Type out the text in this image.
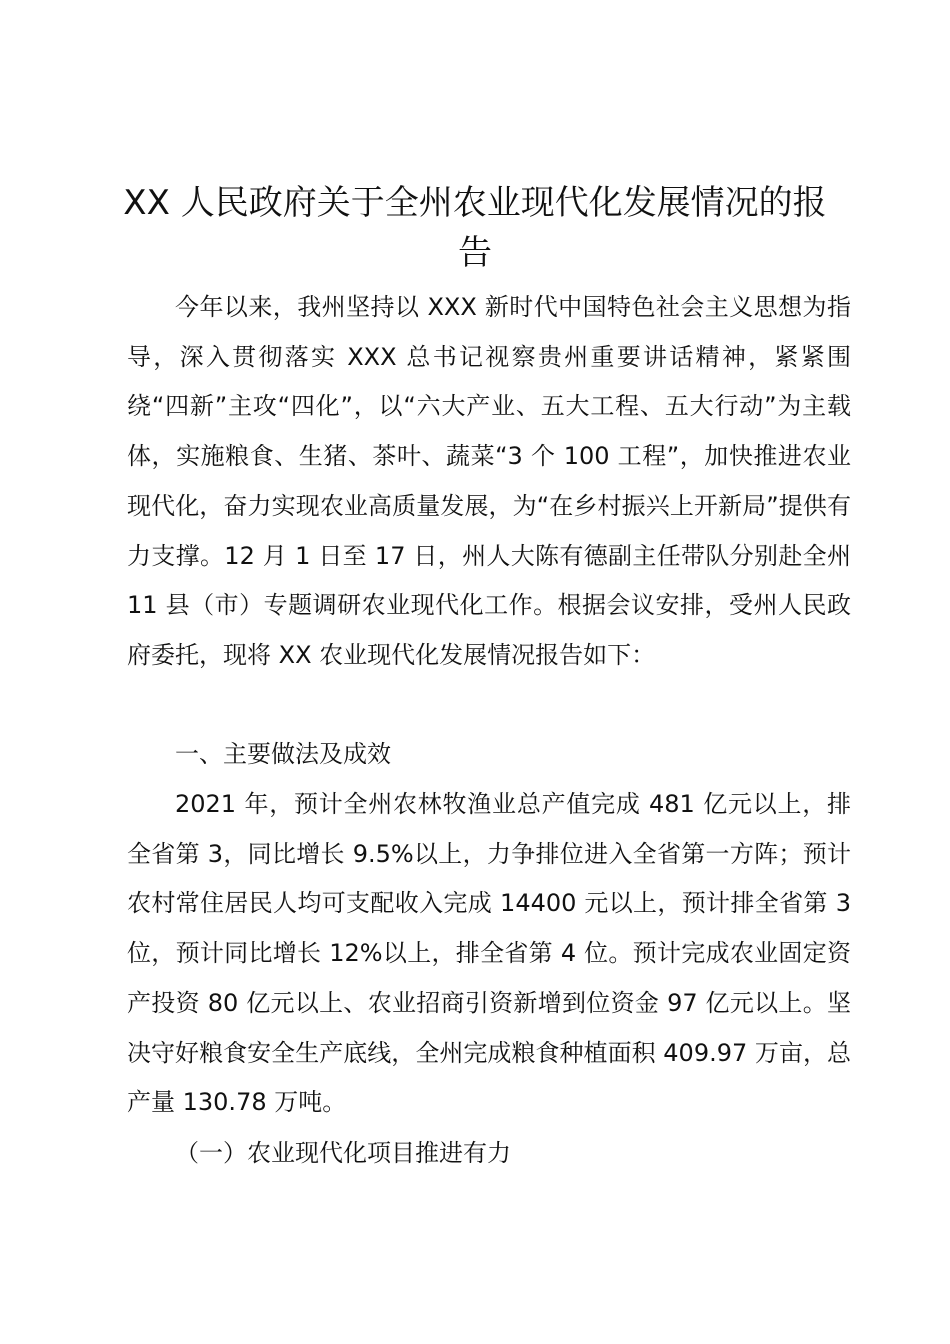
XX 人民政府关于全州农业现代化发展情况的报告

今年以来，我州坚持以 XXX 新时代中国特色社会主义思想为指导，深入贯彻落实 XXX 总书记视察贵州重要讲话精神，紧紧围绕“四新”主攻“四化”，以“六大产业、五大工程、五大行动”为主载体，实施粮食、生猪、茶叶、蔬菜“3 个 100 工程”，加快推进农业现代化，奋力实现农业高质量发展，为“在乡村振兴上开新局”提供有力支撑。12 月 1 日至 17 日，州人大陈有德副主任带队分别赴全州 11 县（市）专题调研农业现代化工作。根据会议安排，受州人民政府委托，现将 XX 农业现代化发展情况报告如下：

一、主要做法及成效

2021 年，预计全州农林牧渔业总产值完成 481 亿元以上，排全省第 3，同比增长 9.5%以上，力争排位进入全省第一方阵；预计农村常住居民人均可支配收入完成 14400 元以上，预计排全省第 3 位，预计同比增长 12%以上，排全省第 4 位。预计完成农业固定资产投资 80 亿元以上、农业招商引资新增到位资金 97 亿元以上。坚决守好粮食安全生产底线，全州完成粮食种植面积 409.97 万亩，总产量 130.78 万吨。

（一）农业现代化项目推进有力
